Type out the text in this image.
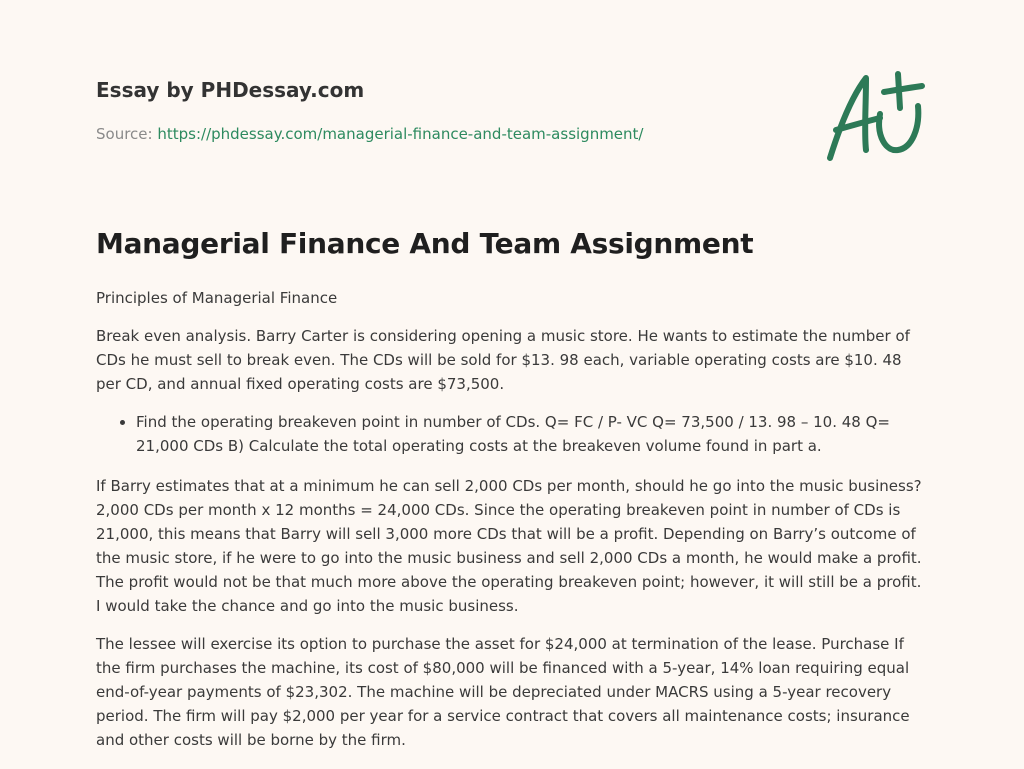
Essay by PHDessay.com
Source: https://phdessay.com/managerial-finance-and-team-assignment/
Managerial Finance And Team Assignment

Principles of Managerial Finance

Break even analysis. Barry Carter is considering opening a music store. He wants to estimate the number of CDs he must sell to break even. The CDs will be sold for $13. 98 each, variable operating costs are $10. 48 per CD, and annual fixed operating costs are $73,500.

• Find the operating breakeven point in number of CDs. Q= FC / P- VC Q= 73,500 / 13. 98 – 10. 48 Q= 21,000 CDs B) Calculate the total operating costs at the breakeven volume found in part a.

If Barry estimates that at a minimum he can sell 2,000 CDs per month, should he go into the music business? 2,000 CDs per month x 12 months = 24,000 CDs. Since the operating breakeven point in number of CDs is 21,000, this means that Barry will sell 3,000 more CDs that will be a profit. Depending on Barry’s outcome of the music store, if he were to go into the music business and sell 2,000 CDs a month, he would make a profit. The profit would not be that much more above the operating breakeven point; however, it will still be a profit. I would take the chance and go into the music business.

The lessee will exercise its option to purchase the asset for $24,000 at termination of the lease. Purchase If the firm purchases the machine, its cost of $80,000 will be financed with a 5-year, 14% loan requiring equal end-of-year payments of $23,302. The machine will be depreciated under MACRS using a 5-year recovery period. The firm will pay $2,000 per year for a service contract that covers all maintenance costs; insurance and other costs will be borne by the firm.
